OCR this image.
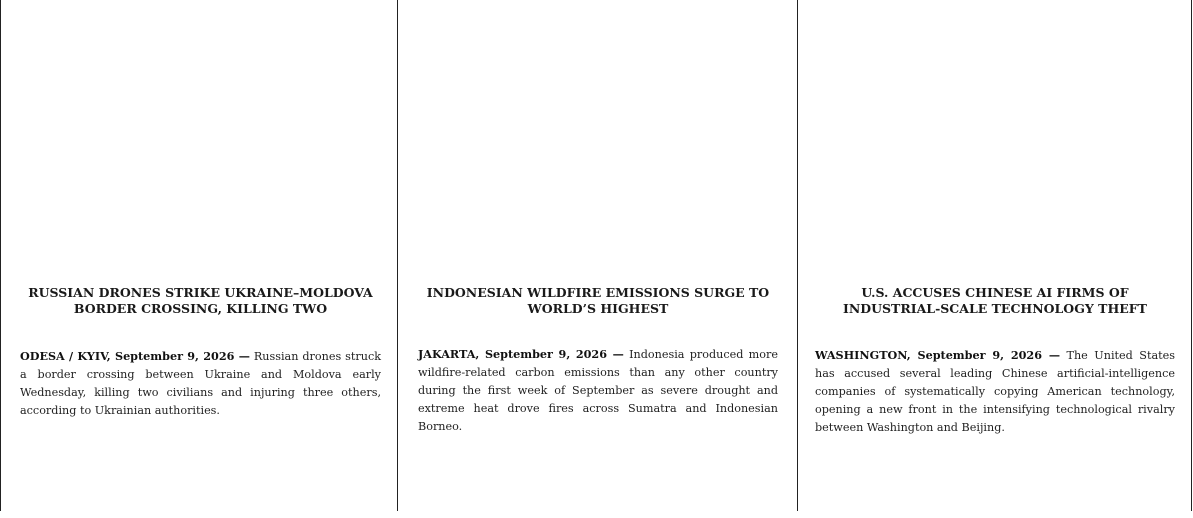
RUSSIAN DRONES STRIKE UKRAINE–MOLDOVA BORDER CROSSING, KILLING TWO

ODESA / KYIV, September 9, 2026 — Russian drones struck a border crossing between Ukraine and Moldova early Wednesday, killing two civilians and injuring three others, according to Ukrainian authorities.

INDONESIAN WILDFIRE EMISSIONS SURGE TO WORLD’S HIGHEST

JAKARTA, September 9, 2026 — Indonesia produced more wildfire-related carbon emissions than any other country during the first week of September as severe drought and extreme heat drove fires across Sumatra and Indonesian Borneo.

U.S. ACCUSES CHINESE AI FIRMS OF INDUSTRIAL-SCALE TECHNOLOGY THEFT

WASHINGTON, September 9, 2026 — The United States has accused several leading Chinese artificial-intelligence companies of systematically copying American technology, opening a new front in the intensifying technological rivalry between Washington and Beijing.
